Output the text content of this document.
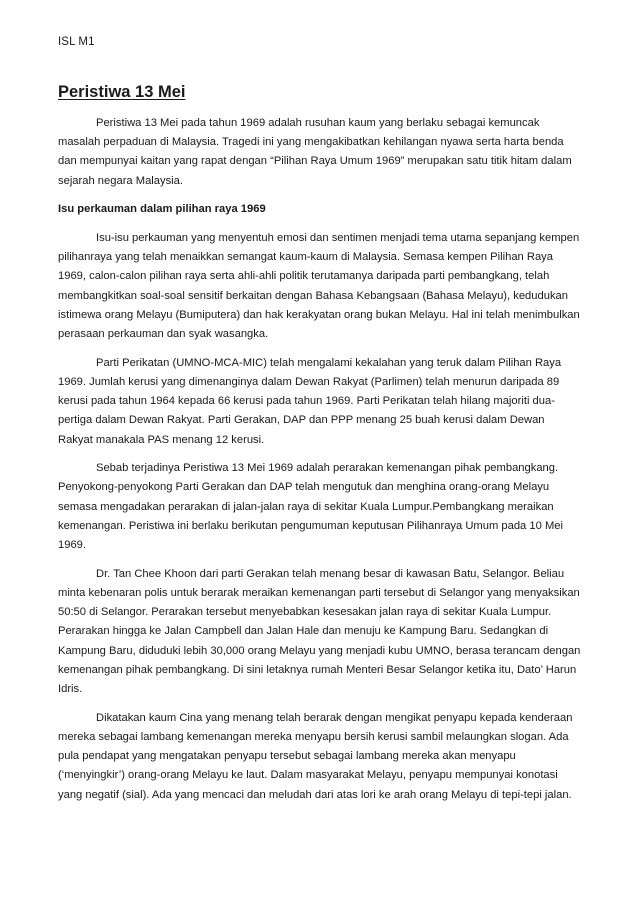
ISL M1
Peristiwa 13 Mei

Peristiwa 13 Mei pada tahun 1969 adalah rusuhan kaum yang berlaku sebagai kemuncak masalah perpaduan di Malaysia. Tragedi ini yang mengakibatkan kehilangan nyawa serta harta benda dan mempunyai kaitan yang rapat dengan “Pilihan Raya Umum 1969” merupakan satu titik hitam dalam sejarah negara Malaysia.

Isu perkauman dalam pilihan raya 1969

Isu-isu perkauman yang menyentuh emosi dan sentimen menjadi tema utama sepanjang kempen pilihanraya yang telah menaikkan semangat kaum-kaum di Malaysia. Semasa kempen Pilihan Raya 1969, calon-calon pilihan raya serta ahli-ahli politik terutamanya daripada parti pembangkang, telah membangkitkan soal-soal sensitif berkaitan dengan Bahasa Kebangsaan (Bahasa Melayu), kedudukan istimewa orang Melayu (Bumiputera) dan hak kerakyatan orang bukan Melayu. Hal ini telah menimbulkan perasaan perkauman dan syak wasangka.

Parti Perikatan (UMNO-MCA-MIC) telah mengalami kekalahan yang teruk dalam Pilihan Raya 1969. Jumlah kerusi yang dimenanginya dalam Dewan Rakyat (Parlimen) telah menurun daripada 89 kerusi pada tahun 1964 kepada 66 kerusi pada tahun 1969. Parti Perikatan telah hilang majoriti dua-pertiga dalam Dewan Rakyat. Parti Gerakan, DAP dan PPP menang 25 buah kerusi dalam Dewan Rakyat manakala PAS menang 12 kerusi.

Sebab terjadinya Peristiwa 13 Mei 1969 adalah perarakan kemenangan pihak pembangkang. Penyokong-penyokong Parti Gerakan dan DAP telah mengutuk dan menghina orang-orang Melayu semasa mengadakan perarakan di jalan-jalan raya di sekitar Kuala Lumpur.Pembangkang meraikan kemenangan. Peristiwa ini berlaku berikutan pengumuman keputusan Pilihanraya Umum pada 10 Mei 1969.

Dr. Tan Chee Khoon dari parti Gerakan telah menang besar di kawasan Batu, Selangor. Beliau minta kebenaran polis untuk berarak meraikan kemenangan parti tersebut di Selangor yang menyaksikan 50:50 di Selangor. Perarakan tersebut menyebabkan kesesakan jalan raya di sekitar Kuala Lumpur. Perarakan hingga ke Jalan Campbell dan Jalan Hale dan menuju ke Kampung Baru. Sedangkan di Kampung Baru, diduduki lebih 30,000 orang Melayu yang menjadi kubu UMNO, berasa terancam dengan kemenangan pihak pembangkang. Di sini letaknya rumah Menteri Besar Selangor ketika itu, Dato’ Harun Idris.

Dikatakan kaum Cina yang menang telah berarak dengan mengikat penyapu kepada kenderaan mereka sebagai lambang kemenangan mereka menyapu bersih kerusi sambil melaungkan slogan. Ada pula pendapat yang mengatakan penyapu tersebut sebagai lambang mereka akan menyapu (‘menyingkir’) orang-orang Melayu ke laut. Dalam masyarakat Melayu, penyapu mempunyai konotasi yang negatif (sial). Ada yang mencaci dan meludah dari atas lori ke arah orang Melayu di tepi-tepi jalan.
